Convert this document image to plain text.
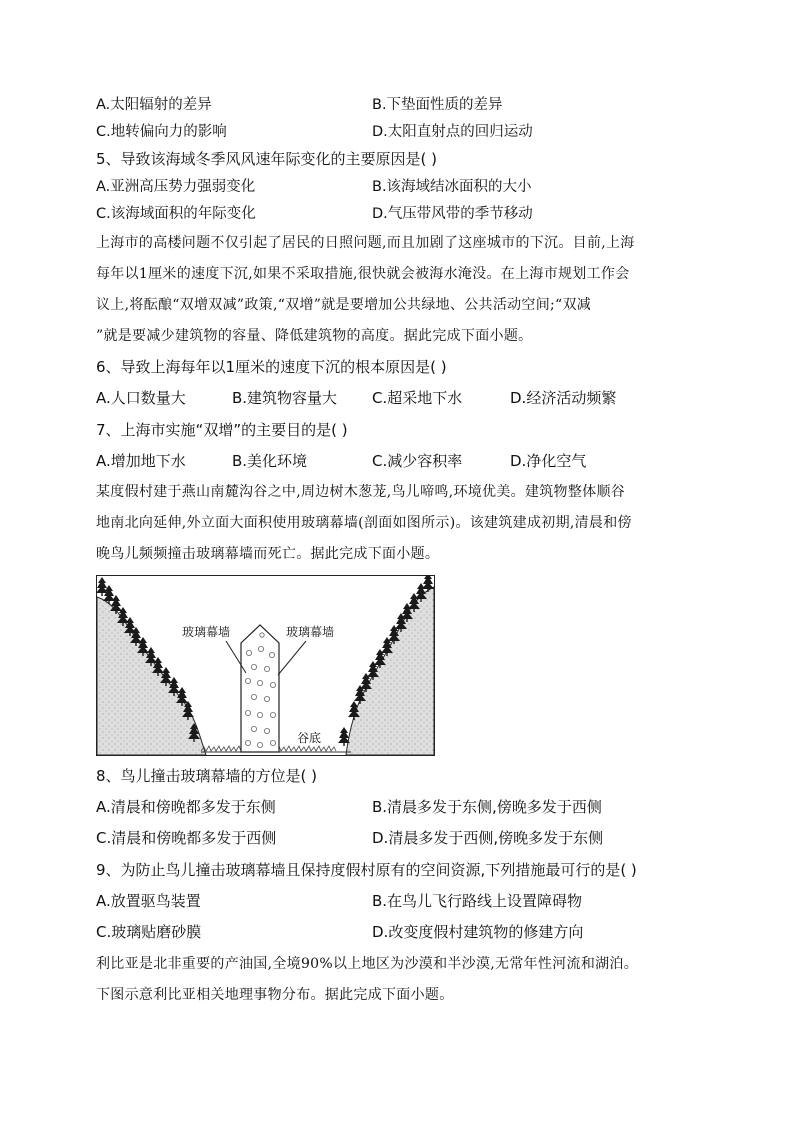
A.太阳辐射的差异	B.下垫面性质的差异
C.地转偏向力的影响	D.太阳直射点的回归运动
5、导致该海域冬季风风速年际变化的主要原因是( )
A.亚洲高压势力强弱变化	B.该海域结冰面积的大小
C.该海域面积的年际变化	D.气压带风带的季节移动
上海市的高楼问题不仅引起了居民的日照问题,而且加剧了这座城市的下沉。目前,上海
每年以1厘米的速度下沉,如果不采取措施,很快就会被海水淹没。在上海市规划工作会
议上,将酝酿“双增双减”政策,“双增”就是要增加公共绿地、公共活动空间;“双减
”就是要减少建筑物的容量、降低建筑物的高度。据此完成下面小题。
6、导致上海每年以1厘米的速度下沉的根本原因是( )
A.人口数量大	B.建筑物容量大 C.超采地下水	D.经济活动频繁
7、上海市实施“双增”的主要目的是( )
A.增加地下水	B.美化环境	C.减少容积率	D.净化空气
某度假村建于燕山南麓沟谷之中,周边树木葱茏,鸟儿啼鸣,环境优美。建筑物整体顺谷
地南北向延伸,外立面大面积使用玻璃幕墙(剖面如图所示)。该建筑建成初期,清晨和傍
晚鸟儿频频撞击玻璃幕墙而死亡。据此完成下面小题。
玻璃幕墙	玻璃幕墙
谷底
8、鸟儿撞击玻璃幕墙的方位是( )
A.清晨和傍晚都多发于东侧	B.清晨多发于东侧,傍晚多发于西侧
C.清晨和傍晚都多发于西侧	D.清晨多发于西侧,傍晚多发于东侧
9、为防止鸟儿撞击玻璃幕墙且保持度假村原有的空间资源,下列措施最可行的是( )
A.放置驱鸟装置	B.在鸟儿飞行路线上设置障碍物
C.玻璃贴磨砂膜	D.改变度假村建筑物的修建方向
利比亚是北非重要的产油国,全境90%以上地区为沙漠和半沙漠,无常年性河流和湖泊。
下图示意利比亚相关地理事物分布。据此完成下面小题。
